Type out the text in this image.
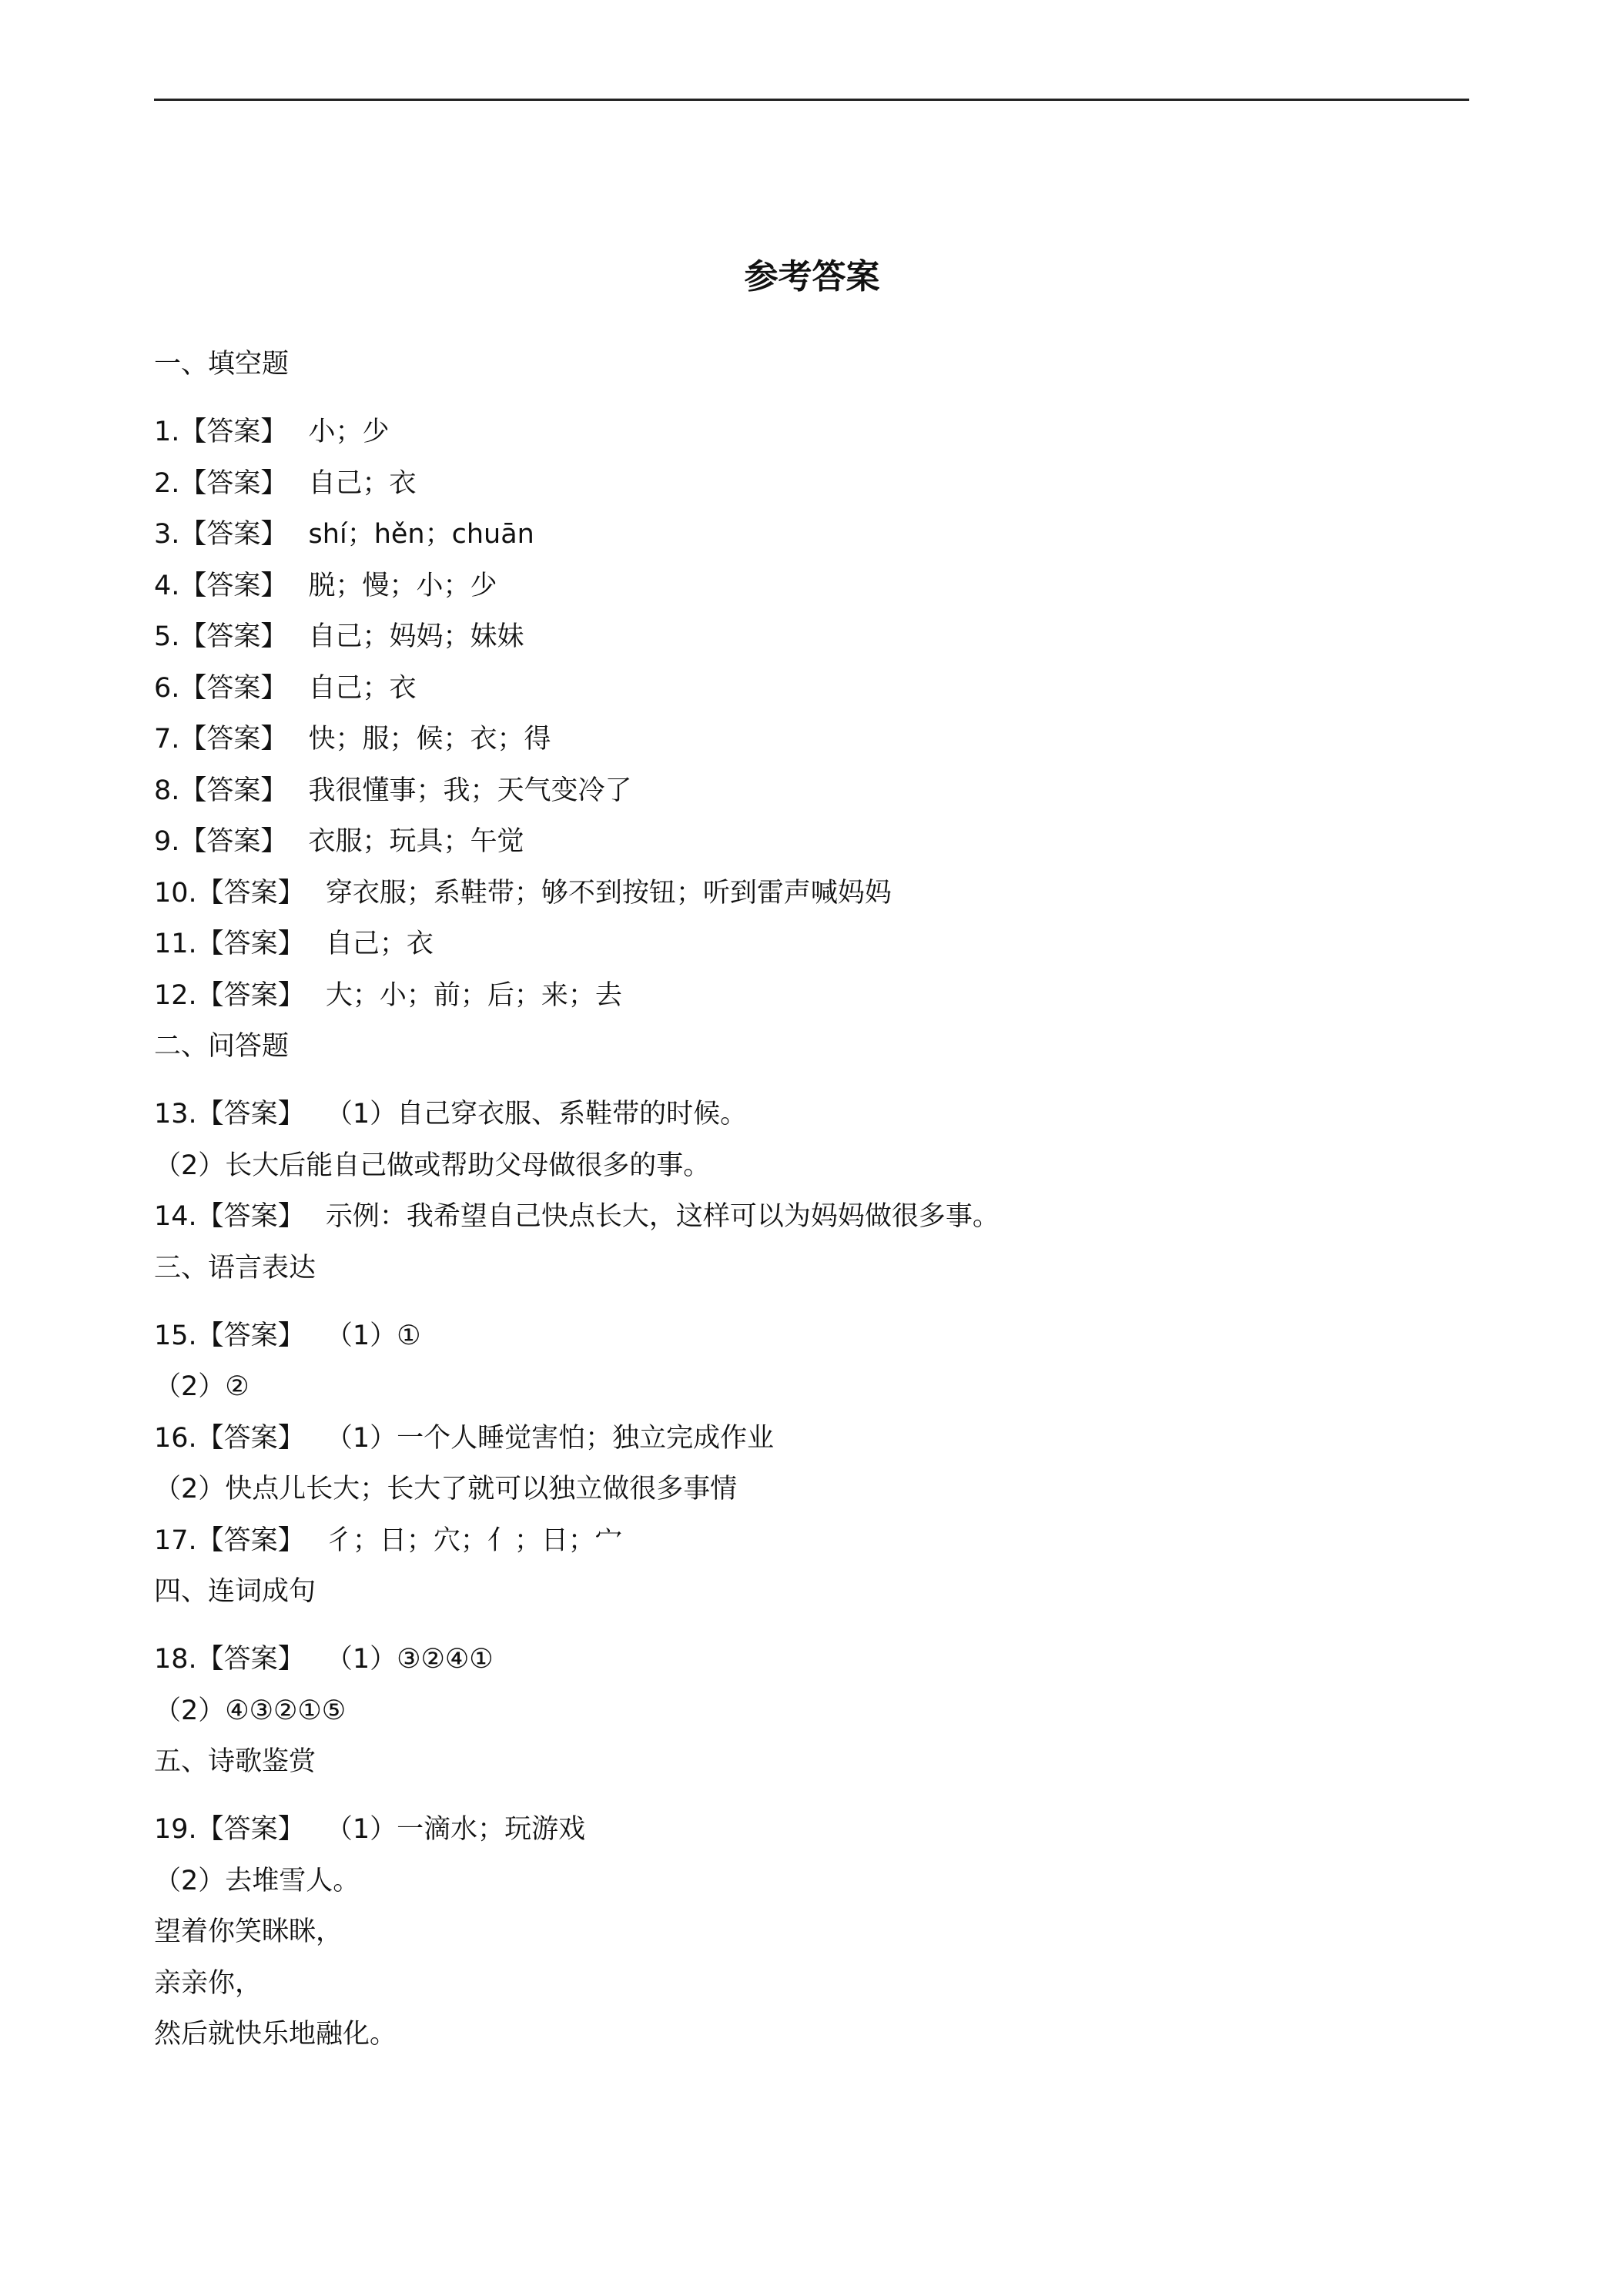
参考答案
一、填空题
1.【答案】 小；少
2.【答案】 自己；衣
3.【答案】 shí；hěn；chuān
4.【答案】 脱；慢；小；少
5.【答案】 自己；妈妈；妹妹
6.【答案】 自己；衣
7.【答案】 快；服；候；衣；得
8.【答案】 我很懂事；我；天气变冷了
9.【答案】 衣服；玩具；午觉
10.【答案】 穿衣服；系鞋带；够不到按钮；听到雷声喊妈妈
11.【答案】 自己；衣
12.【答案】 大；小；前；后；来；去
二、问答题
13.【答案】 （1）自己穿衣服、系鞋带的时候。
（2）长大后能自己做或帮助父母做很多的事。
14.【答案】 示例：我希望自己快点长大，这样可以为妈妈做很多事。
三、语言表达
15.【答案】 （1）①
（2）②
16.【答案】 （1）一个人睡觉害怕；独立完成作业
（2）快点儿长大；长大了就可以独立做很多事情
17.【答案】 彳；日；穴；亻；日；宀
四、连词成句
18.【答案】 （1）③②④①
（2）④③②①⑤
五、诗歌鉴赏
19.【答案】 （1）一滴水；玩游戏
（2）去堆雪人。
望着你笑眯眯，
亲亲你，
然后就快乐地融化。
